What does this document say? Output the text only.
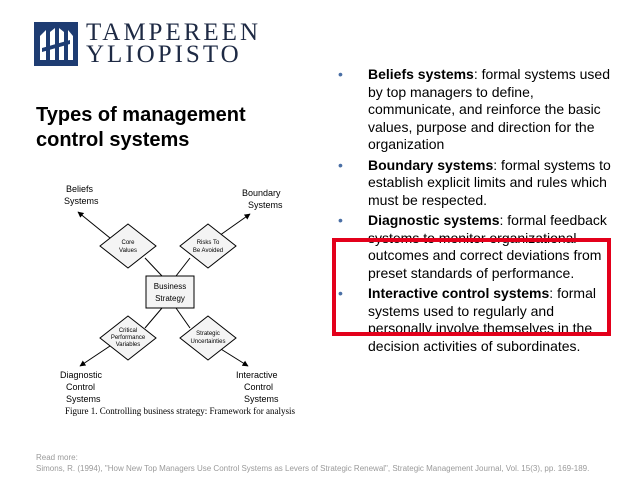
TAMPEREEN
YLIOPISTO
Types of management control systems
Beliefs
Systems
Boundary
Systems
Diagnostic
Control
Systems
Interactive
Control
Systems
Core
Values
Risks To
Be Avoided
Critical
Performance
Variables
Strategic
Uncertainties
Business
Strategy
Figure 1. Controlling business strategy: Framework for analysis
• Beliefs systems: formal systems used by top managers to define, communicate, and reinforce the basic values, purpose and direction for the organization
• Boundary systems: formal systems to establish explicit limits and rules which must be respected.
• Diagnostic systems: formal feedback systems to monitor organizational outcomes and correct deviations from preset standards of performance.
• Interactive control systems: formal systems used to regularly and personally involve themselves in the decision activities of subordinates.
Read more:
Simons, R. (1994), "How New Top Managers Use Control Systems as Levers of Strategic Renewal", Strategic Management Journal, Vol. 15(3), pp. 169-189.
